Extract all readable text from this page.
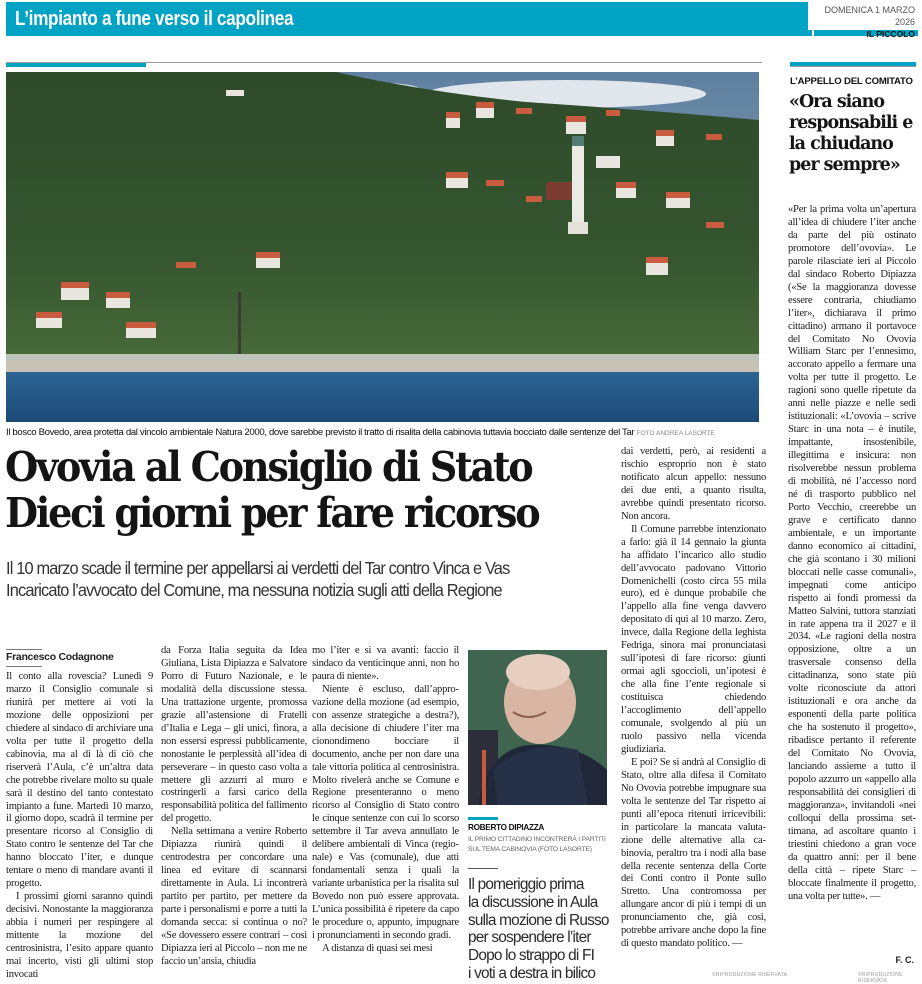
L’impianto a fune verso il capolinea	DOMENICA 1 MARZO 2026
IL PICCOLO
Il bosco Bovedo, area protetta dal vincolo ambientale Natura 2000, dove sarebbe previsto il tratto di risalita della cabinovia tuttavia bocciato dalle sentenze del Tar FOTO ANDREA LASORTE
Ovovia al Consiglio di Stato
Dieci giorni per fare ricorso
Il 10 marzo scade il termine per appellarsi ai verdetti del Tar contro Vinca e Vas
Incaricato l’avvocato del Comune, ma nessuna notizia sugli atti della Regione
Francesco Codagnone

Il conto alla rovescia? Lunedì 9 marzo il Consiglio comunale si riunirà per mettere ai voti la mozione delle opposizioni per chiedere al sindaco di archiviare una volta per tutte il progetto della cabinovia, ma al di là di ciò che riserverà l’Aula, c’è un’altra data che potrebbe rivelare molto su quale sarà il destino del tanto contestato impianto a fune. Martedì 10 marzo, il giorno dopo, scadrà il termine per presentare ricorso al Consiglio di Stato contro le sentenze del Tar che hanno bloccato l’iter, e dunque tentare o meno di mandare avanti il progetto.

I prossimi giorni saranno quindi decisivi. Nonostante la maggioranza abbia i numeri per respingere al mittente la mozione del centrosinistra, l’esito appare quanto mai incerto, visti gli ultimi stop invocati

da Forza Italia seguita da Idea Giuliana, Lista Dipiazza e Salvatore Porro di Futuro Nazionale, e le modalità della discussione stessa. Una trattazione urgente, promossa grazie all’astensione di Fratelli d’Italia e Lega – gli unici, finora, a non essersi espressi pubblicamente, nonostante le perplessità all’idea di perseverare – in questo caso volta a mettere gli azzurri al muro e costringerli a farsi carico della responsabilità politica del fallimento del progetto.

Nella settimana a venire Roberto Dipiazza riunirà quindi il centrodestra per concordare una linea ed evitare di scannarsi direttamente in Aula. Li incontrerà partito per partito, per mettere da parte i personalismi e porre a tutti la domanda secca: si continua o no? «Se dovessero essere contrari – così Dipiazza ieri al Piccolo – non me ne faccio un’ansia, chiudia

mo l’iter e si va avanti: faccio il sindaco da venticinque anni, non ho paura di niente».

Niente è escluso, dall’approvazione della mozione (ad esempio, con assenze strategiche a destra?), alla decisione di chiudere l’iter ma cionondimeno bocciare il documento, anche per non dare una tale vittoria politica al centrosinistra. Molto rivelerà anche se Comune e Regione presenteranno o meno ricorso al Consiglio di Stato contro le cinque sentenze con cui lo scorso settembre il Tar aveva annullato le delibere ambientali di Vinca (regionale) e Vas (comunale), due atti fondamentali senza i quali la variante urbanistica per la risalita sul Bovedo non può essere approvata. L’unica possibilità è ripetere da capo le procedure o, appunto, impugnare i pronunciamenti in secondo gradi.

A distanza di quasi sei mesi

ROBERTO DIPIAZZA
IL PRIMO CITTADINO INCONTRERÀ I PARTITI SUL TEMA CABINOVIA (FOTO LASORTE)
Il pomeriggio prima
la discussione in Aula
sulla mozione di Russo
per sospendere l’iter
Dopo lo strappo di FI
i voti a destra in bilico

dai verdetti, però, ai residenti a rischio esproprio non è stato notificato alcun appello: nessuno dei due enti, a quanto risulta, avrebbe quindi presentato ricorso. Non ancora.

Il Comune parrebbe intenzionato a farlo: già il 14 gennaio la giunta ha affidato l’incarico allo studio dell’avvocato padovano Vittorio Domenichelli (costo circa 55 mila euro), ed è dunque probabile che l’appello alla fine venga davvero depositato di qui al 10 marzo. Zero, invece, dalla Regione della leghista Fedriga, sinora mai pronunciatasi sull’ipotesi di fare ricorso: giunti ormai agli sgoccioli, un’ipotesi è che alla fine l’ente regionale si costituisca chiedendo l’accoglimento dell’appello comunale, svolgendo al più un ruolo passivo nella vicenda giudiziaria.

E poi? Se si andrà al Consiglio di Stato, oltre alla difesa il Comitato No Ovovia potrebbe impugnare sua volta le sentenze del Tar rispetto ai punti all’epoca ritenuti irricevibili: in particolare la mancata valutazione delle alternative alla cabinovia, peraltro tra i nodi alla base della recente sentenza della Corte dei Conti contro il Ponte sullo Stretto. Una contromossa per allungare ancor di più i tempi di un pronunciamento che, già così, potrebbe arrivare anche dopo la fine di questo mandato politico. —

©RIPRODUZIONE RISERVATA
L’APPELLO DEL COMITATO
«Ora siano responsabili e la chiudano per sempre»

«Per la prima volta un’apertura all’idea di chiudere l’iter anche da parte del più ostinato promotore dell’ovovia». Le parole rilasciate ieri al Piccolo dal sindaco Roberto Dipiazza («Se la maggioranza dovesse essere contraria, chiudiamo l’iter», dichiarava il primo cittadino) armano il portavoce del Comitato No Ovovia William Starc per l’ennesimo, accorato appello a fermare una volta per tutte il progetto. Le ragioni sono quelle ripetute da anni nelle piazze e nelle sedi istituzionali: «L’ovovia – scrive Starc in una nota – è inutile, impattante, insostenibile, illegittima e insicura: non risolverebbe nessun problema di mobilità, né l’accesso nord né di trasporto pubblico nel Porto Vecchio, creerebbe un grave e certificato danno ambientale, e un importante danno economico ai cittadini, che già scontano i 30 milioni bloccati nelle casse comunali», impegnati come anticipo rispetto ai fondi promessi da Matteo Salvini, tuttora stanziati in rate appena tra il 2027 e il 2034. «Le ragioni della nostra opposizione, oltre a un trasversale consenso della cittadinanza, sono state più volte riconosciute da attori istituzionali e ora anche da esponenti della parte politica che ha sostenuto il progetto», ribadisce pertanto il referente del Comitato No Ovovia, lanciando assieme a tutto il popolo azzurro un «appello alla responsabilità dei consiglieri di maggioranza», invitandoli «nei colloqui della prossima settimana, ad ascoltare quanto i triestini chiedono a gran voce da quattro anni: per il bene della città – ripete Starc – bloccate finalmente il progetto, una volta per tutte». —

F. C.
©RIPRODUZIONE RISERVATA
